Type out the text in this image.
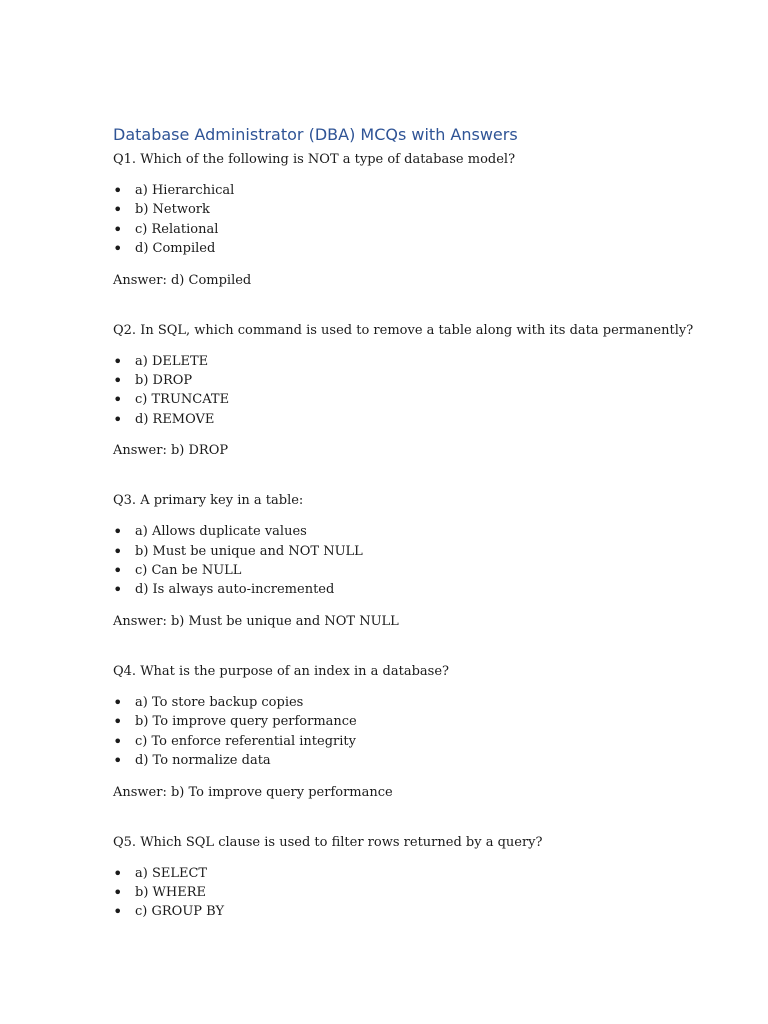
Database Administrator (DBA) MCQs with Answers

Q1. Which of the following is NOT a type of database model?

• a) Hierarchical
• b) Network
• c) Relational
• d) Compiled

Answer: d) Compiled

Q2. In SQL, which command is used to remove a table along with its data permanently?

• a) DELETE
• b) DROP
• c) TRUNCATE
• d) REMOVE

Answer: b) DROP

Q3. A primary key in a table:

• a) Allows duplicate values
• b) Must be unique and NOT NULL
• c) Can be NULL
• d) Is always auto-incremented

Answer: b) Must be unique and NOT NULL

Q4. What is the purpose of an index in a database?

• a) To store backup copies
• b) To improve query performance
• c) To enforce referential integrity
• d) To normalize data

Answer: b) To improve query performance

Q5. Which SQL clause is used to filter rows returned by a query?

• a) SELECT
• b) WHERE
• c) GROUP BY
